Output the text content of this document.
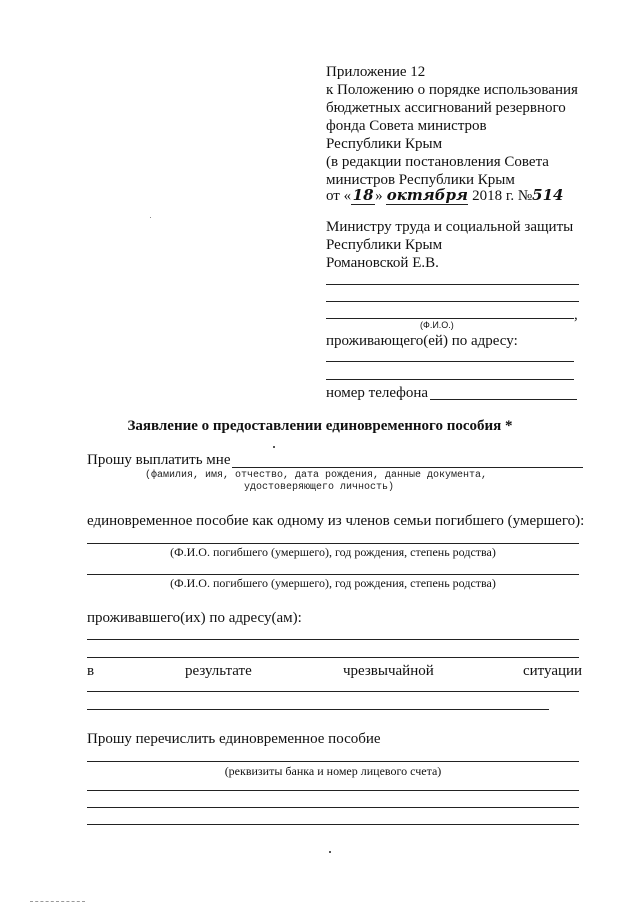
Приложение 12
к Положению о порядке использования
бюджетных ассигнований резервного
фонда Совета министров
Республики Крым
(в редакции постановления Совета
министров Республики Крым
от « 18 » октября 2018 г. №514
Министру труда и социальной защиты
Республики Крым
Романовской Е.В.
,
(Ф.И.О.)
проживающего(ей) по адресу:
номер телефона
Заявление о предоставлении единовременного пособия *
Прошу выплатить мне
(фамилия, имя, отчество, дата рождения, данные документа,
удостоверяющего личность)
единовременное пособие как одному из членов семьи погибшего (умершего):
(Ф.И.О. погибшего (умершего), год рождения, степень родства)
(Ф.И.О. погибшего (умершего), год рождения, степень родства)
проживавшего(их) по адресу(ам):
в	результате	чрезвычайной	ситуации
Прошу перечислить единовременное пособие
(реквизиты банка и номер лицевого счета)
